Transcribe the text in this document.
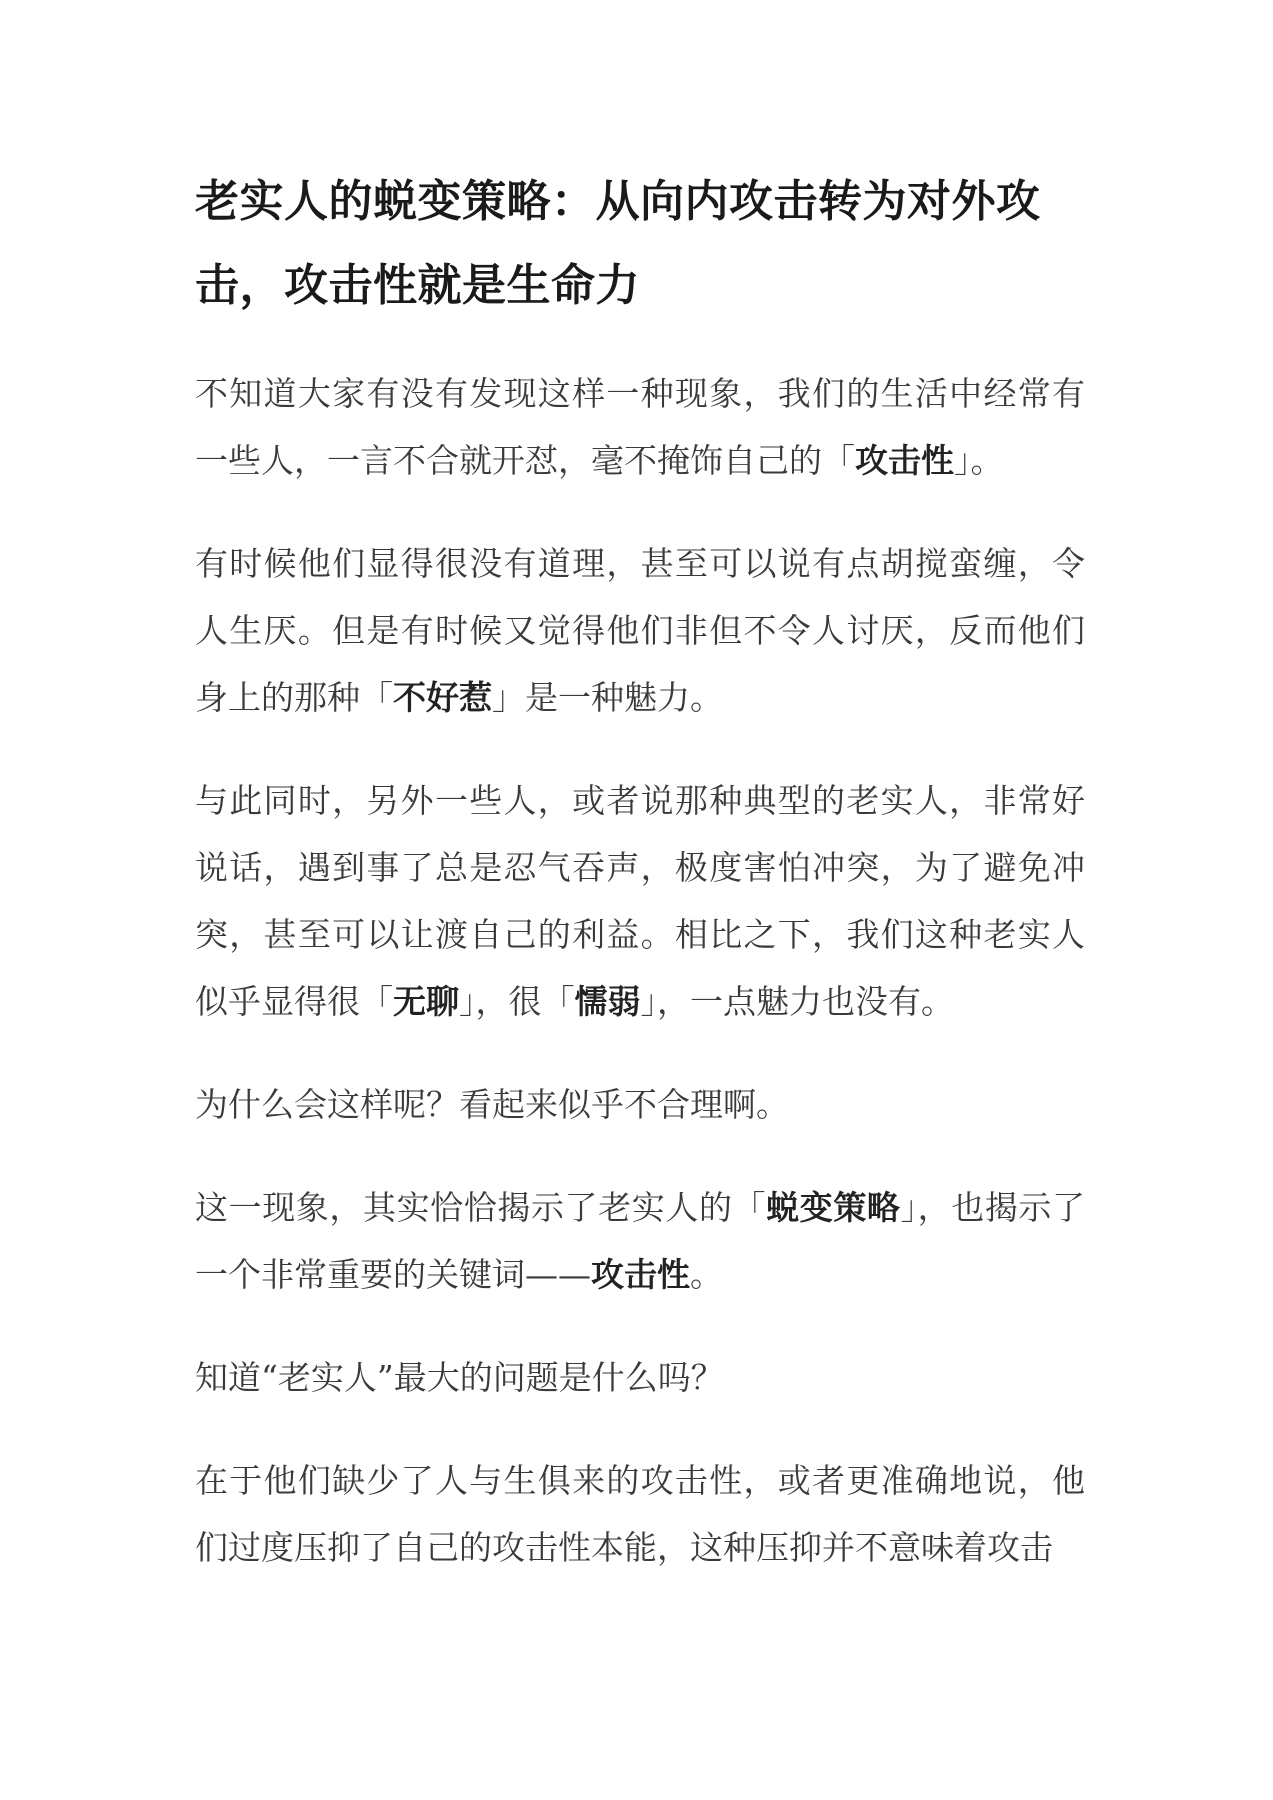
老实人的蜕变策略：从向内攻击转为对外攻击，攻击性就是生命力

不知道大家有没有发现这样一种现象，我们的生活中经常有一些人，一言不合就开怼，毫不掩饰自己的「攻击性」。

有时候他们显得很没有道理，甚至可以说有点胡搅蛮缠，令人生厌。但是有时候又觉得他们非但不令人讨厌，反而他们身上的那种「不好惹」是一种魅力。

与此同时，另外一些人，或者说那种典型的老实人，非常好说话，遇到事了总是忍气吞声，极度害怕冲突，为了避免冲突，甚至可以让渡自己的利益。相比之下，我们这种老实人似乎显得很「无聊」，很「懦弱」，一点魅力也没有。

为什么会这样呢？看起来似乎不合理啊。

这一现象，其实恰恰揭示了老实人的「蜕变策略」，也揭示了一个非常重要的关键词——攻击性。

知道“老实人”最大的问题是什么吗？

在于他们缺少了人与生俱来的攻击性，或者更准确地说，他们过度压抑了自己的攻击性本能，这种压抑并不意味着攻击
